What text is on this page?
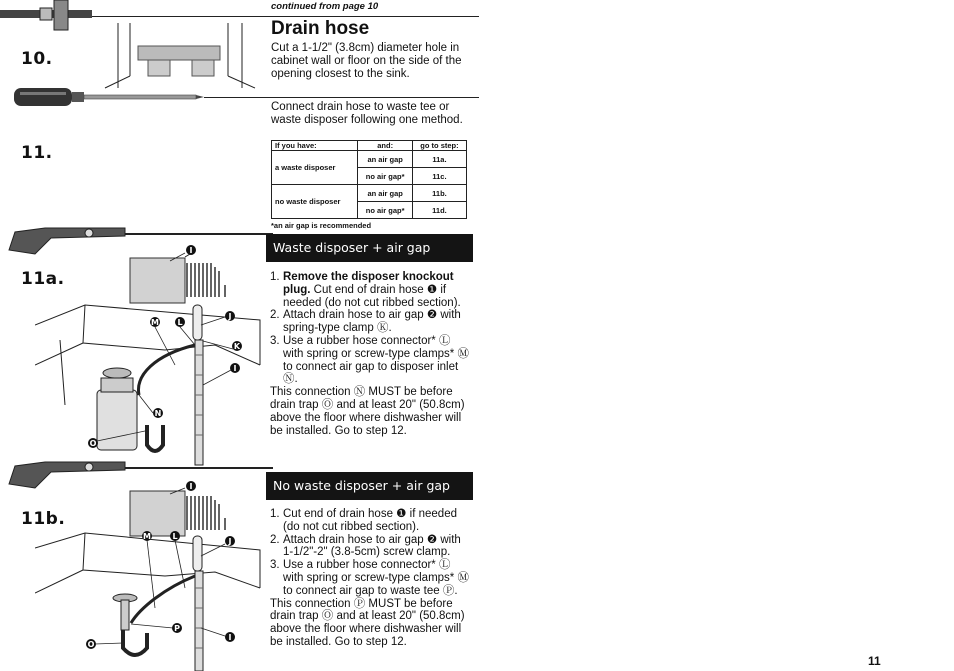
continued from page 10
Drain hose
10.
Cut a 1-1/2" (3.8cm) diameter hole in cabinet wall or floor on the side of the opening closest to the sink.
Connect drain hose to waste tee or waste disposer following one method.
11.	If you have:	and:	go to step:
a waste disposer	an air gap	11a.
	no air gap*	11c.
no waste disposer	an air gap	11b.
	no air gap*	11d.
*an air gap is recommended
11a.
Waste disposer + air gap
I
J
K
L
M
N
O
I
1. Remove the disposer knockout plug. Cut end of drain hose ❶ if needed (do not cut ribbed section).
2. Attach drain hose to air gap ❷ with spring-type clamp Ⓚ.
3. Use a rubber hose connector* Ⓛ with spring or screw-type clamps* Ⓜ to connect air gap to disposer inlet Ⓝ.
This connection Ⓝ MUST be before drain trap Ⓞ and at least 20" (50.8cm) above the floor where dishwasher will be installed. Go to step 12.
11b.
No waste disposer + air gap
I
J
L
M
O
P
I
1. Cut end of drain hose ❶ if needed (do not cut ribbed section).
2. Attach drain hose to air gap ❷ with 1-1/2"-2" (3.8-5cm) screw clamp.
3. Use a rubber hose connector* Ⓛ with spring or screw-type clamps* Ⓜ to connect air gap to waste tee Ⓟ.
This connection Ⓟ MUST be before drain trap Ⓞ and at least 20" (50.8cm) above the floor where dishwasher will be installed. Go to step 12.
11
